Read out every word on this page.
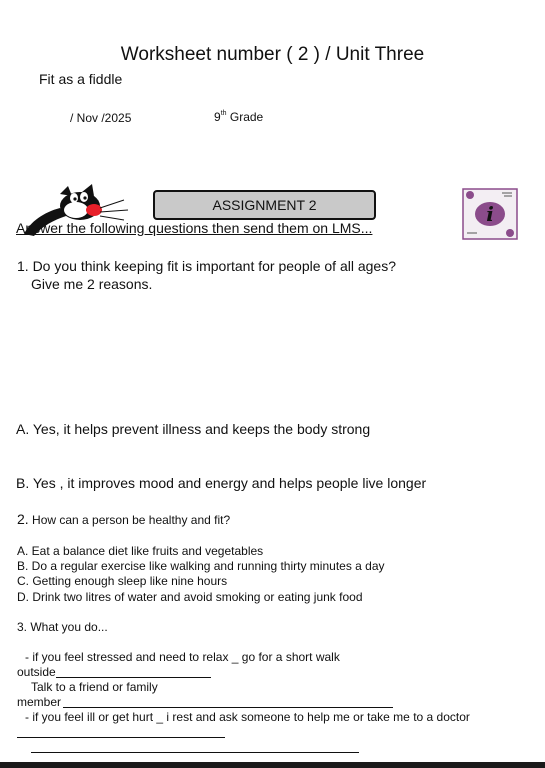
Worksheet number ( 2 ) / Unit Three
Fit as a fiddle
/ Nov /2025	9th Grade
ASSIGNMENT 2
Answer the following questions then send them on LMS...
i
1. Do you think keeping fit is important for people of all ages?
Give me 2 reasons.
A. Yes, it helps prevent illness and keeps the body strong
B. Yes , it improves mood and energy and helps people live longer
2. How can a person be healthy and fit?
A. Eat a balance diet like fruits and vegetables
B. Do a regular exercise like walking and running thirty minutes a day
C. Getting enough sleep like nine hours
D. Drink two litres of water and avoid smoking or eating junk food
3. What you do...
- if you feel stressed and need to relax _ go for a short walk
outside
Talk to a friend or family
member
- if you feel ill or get hurt _ i rest and ask someone to help me or take me to a doctor
